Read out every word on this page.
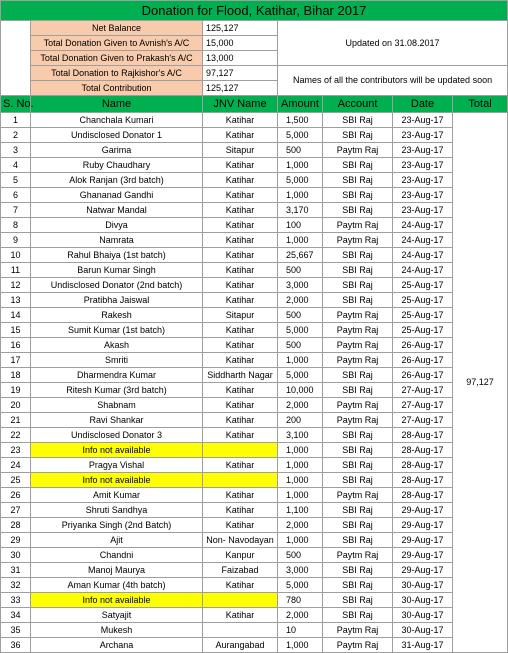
Donation for Flood, Katihar, Bihar 2017						
	Net Balance	125,127	Updated on 31.08.2017			
	Total Donation Given to Avnish's A/C	15,000				
	Total Donation Given to Prakash's A/C	13,000				
	Total Donation to Rajkishor's A/C	97,127	Names of all the contributors will be updated soon			
	Total Contribution	125,127				
S. No.	Name	JNV Name	Amount	Account	Date	Total
1	Chanchala Kumari	Katihar	1,500	SBI Raj	23-Aug-17	97,127
2	Undisclosed Donator 1	Katihar	5,000	SBI Raj	23-Aug-17	
3	Garima	Sitapur	500	Paytm Raj	23-Aug-17	
4	Ruby Chaudhary	Katihar	1,000	SBI Raj	23-Aug-17	
5	Alok Ranjan (3rd batch)	Katihar	5,000	SBI Raj	23-Aug-17	
6	Ghananad Gandhi	Katihar	1,000	SBI Raj	23-Aug-17	
7	Natwar Mandal	Katihar	3,170	SBI Raj	23-Aug-17	
8	Divya	Katihar	100	Paytm Raj	24-Aug-17	
9	Namrata	Katihar	1,000	Paytm Raj	24-Aug-17	
10	Rahul Bhaiya (1st batch)	Katihar	25,667	SBI Raj	24-Aug-17	
11	Barun Kumar Singh	Katihar	500	SBI Raj	24-Aug-17	
12	Undisclosed Donator (2nd batch)	Katihar	3,000	SBI Raj	25-Aug-17	
13	Pratibha Jaiswal	Katihar	2,000	SBI Raj	25-Aug-17	
14	Rakesh	Sitapur	500	Paytm Raj	25-Aug-17	
15	Sumit Kumar (1st batch)	Katihar	5,000	Paytm Raj	25-Aug-17	
16	Akash	Katihar	500	Paytm Raj	26-Aug-17	
17	Smriti	Katihar	1,000	Paytm Raj	26-Aug-17	
18	Dharmendra Kumar	Siddharth Nagar	5,000	SBI Raj	26-Aug-17	
19	Ritesh Kumar (3rd batch)	Katihar	10,000	SBI Raj	27-Aug-17	
20	Shabnam	Katihar	2,000	Paytm Raj	27-Aug-17	
21	Ravi Shankar	Katihar	200	Paytm Raj	27-Aug-17	
22	Undisclosed Donator 3	Katihar	3,100	SBI Raj	28-Aug-17	
23	Info not available		1,000	SBI Raj	28-Aug-17	
24	Pragya Vishal	Katihar	1,000	SBI Raj	28-Aug-17	
25	Info not available		1,000	SBI Raj	28-Aug-17	
26	Amit Kumar	Katihar	1,000	Paytm Raj	28-Aug-17	
27	Shruti Sandhya	Katihar	1,100	SBI Raj	29-Aug-17	
28	Priyanka Singh (2nd Batch)	Katihar	2,000	SBI Raj	29-Aug-17	
29	Ajit	Non- Navodayan	1,000	SBI Raj	29-Aug-17	
30	Chandni	Kanpur	500	Paytm Raj	29-Aug-17	
31	Manoj Maurya	Faizabad	3,000	SBI Raj	29-Aug-17	
32	Aman Kumar (4th batch)	Katihar	5,000	SBI Raj	30-Aug-17	
33	Info not available		780	SBI Raj	30-Aug-17	
34	Satyajit	Katihar	2,000	SBI Raj	30-Aug-17	
35	Mukesh		10	Paytm Raj	30-Aug-17	
36	Archana	Aurangabad	1,000	Paytm Raj	31-Aug-17	
